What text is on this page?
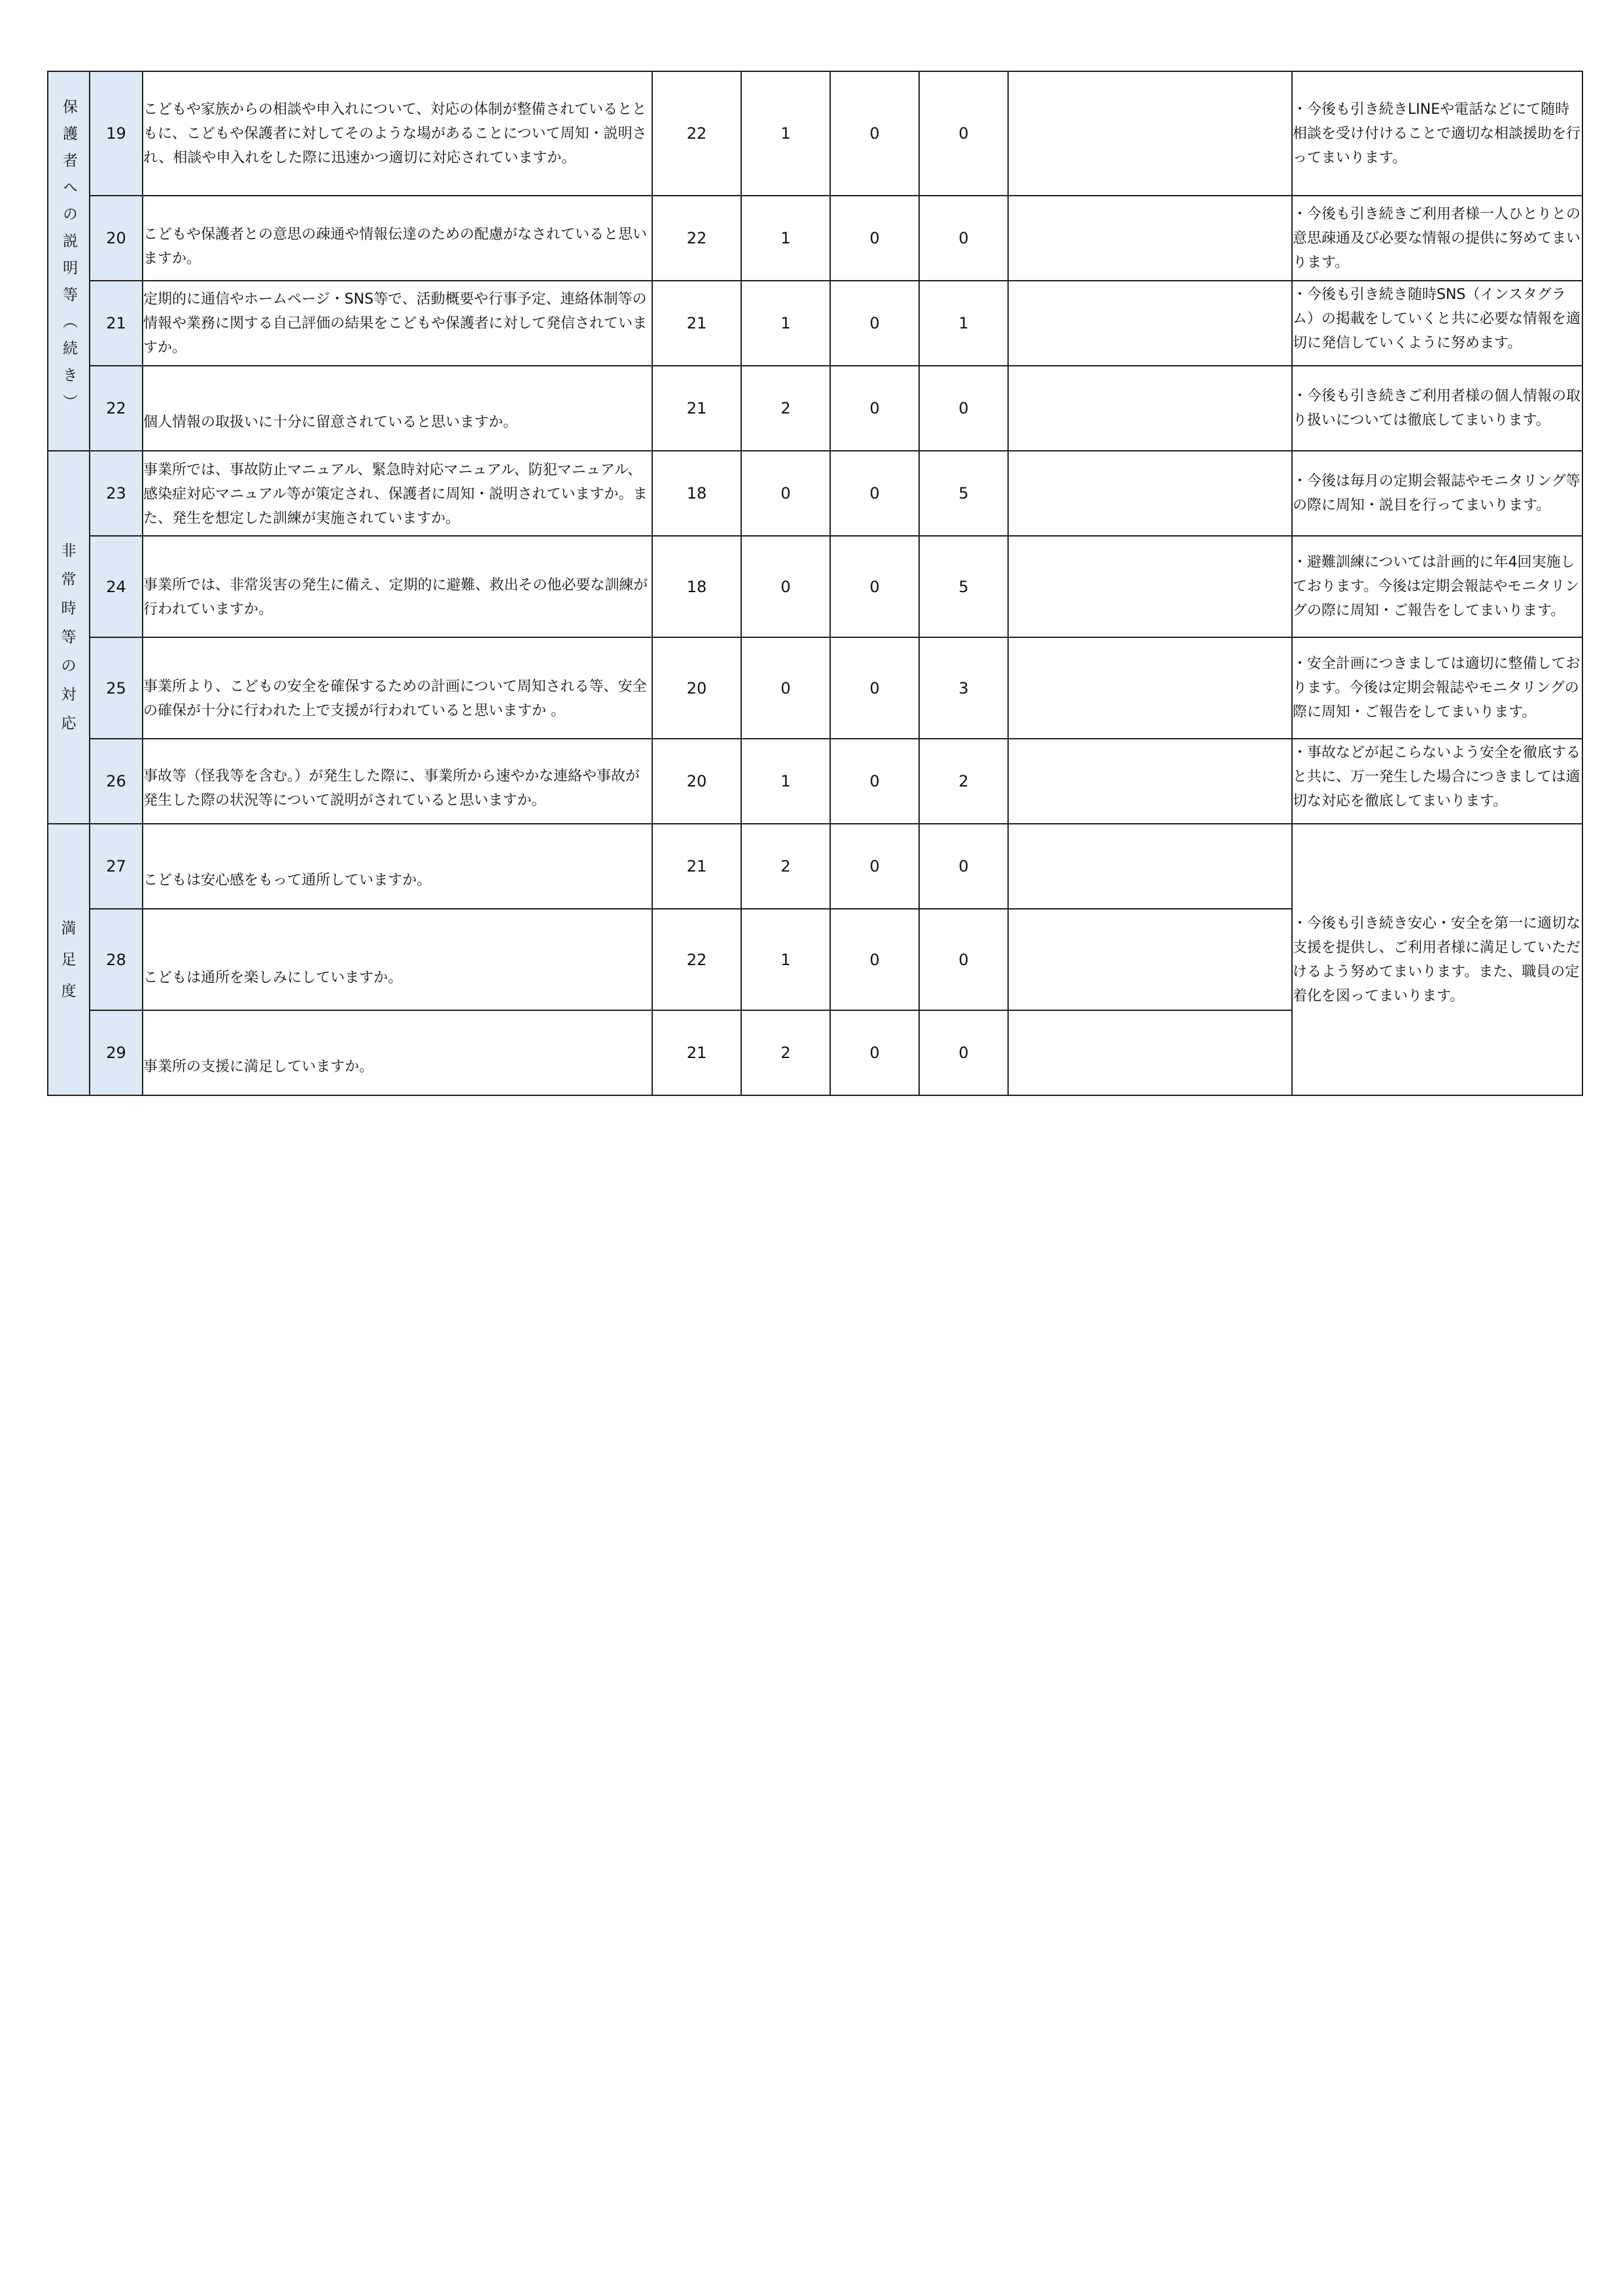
保護者への説明等（続き）	19	こどもや家族からの相談や申入れについて、対応の体制が整備されているとともに、こどもや保護者に対してそのような場があることについて周知・説明され、相談や申入れをした際に迅速かつ適切に対応されていますか。	22	1	0	0		・今後も引き続きLINEや電話などにて随時相談を受け付けることで適切な相談援助を行ってまいります。
	20	こどもや保護者との意思の疎通や情報伝達のための配慮がなされていると思いますか。	22	1	0	0		・今後も引き続きご利用者様一人ひとりとの意思疎通及び必要な情報の提供に努めてまいります。
	21	定期的に通信やホームページ・SNS等で、活動概要や行事予定、連絡体制等の情報や業務に関する自己評価の結果をこどもや保護者に対して発信されていますか。	21	1	0	1		・今後も引き続き随時SNS（インスタグラム）の掲載をしていくと共に必要な情報を適切に発信していくように努めます。

	22	個人情報の取扱いに十分に留意されていると思いますか。	21	2	0	0		・今後も引き続きご利用者様の個人情報の取り扱いについては徹底してまいります。
非常時等の対応	23	事業所では、事故防止マニュアル、緊急時対応マニュアル、防犯マニュアル、感染症対応マニュアル等が策定され、保護者に周知・説明されていますか。また、発生を想定した訓練が実施されていますか。	18	0	0	5		・今後は毎月の定期会報誌やモニタリング等の際に周知・説目を行ってまいります。
	24	事業所では、非常災害の発生に備え、定期的に避難、救出その他必要な訓練が行われていますか。	18	0	0	5		・避難訓練については計画的に年4回実施しております。今後は定期会報誌やモニタリングの際に周知・ご報告をしてまいります。
	25	事業所より、こどもの安全を確保するための計画について周知される等、安全の確保が十分に行われた上で支援が行われていると思いますか 。	20	0	0	3		・安全計画につきましては適切に整備しております。今後は定期会報誌やモニタリングの際に周知・ご報告をしてまいります。
	26	事故等（怪我等を含む。）が発生した際に、事業所から速やかな連絡や事故が発生した際の状況等について説明がされていると思いますか。	20	1	0	2		・事故などが起こらないよう安全を徹底すると共に、万一発生した場合につきましては適切な対応を徹底してまいります。

満足度	27	こどもは安心感をもって通所していますか。	21	2	0	0		・今後も引き続き安心・安全を第一に適切な支援を提供し、ご利用者様に満足していただけるよう努めてまいります。また、職員の定着化を図ってまいります。
	28	こどもは通所を楽しみにしていますか。	22	1	0	0		
	29	事業所の支援に満足していますか。	21	2	0	0		
